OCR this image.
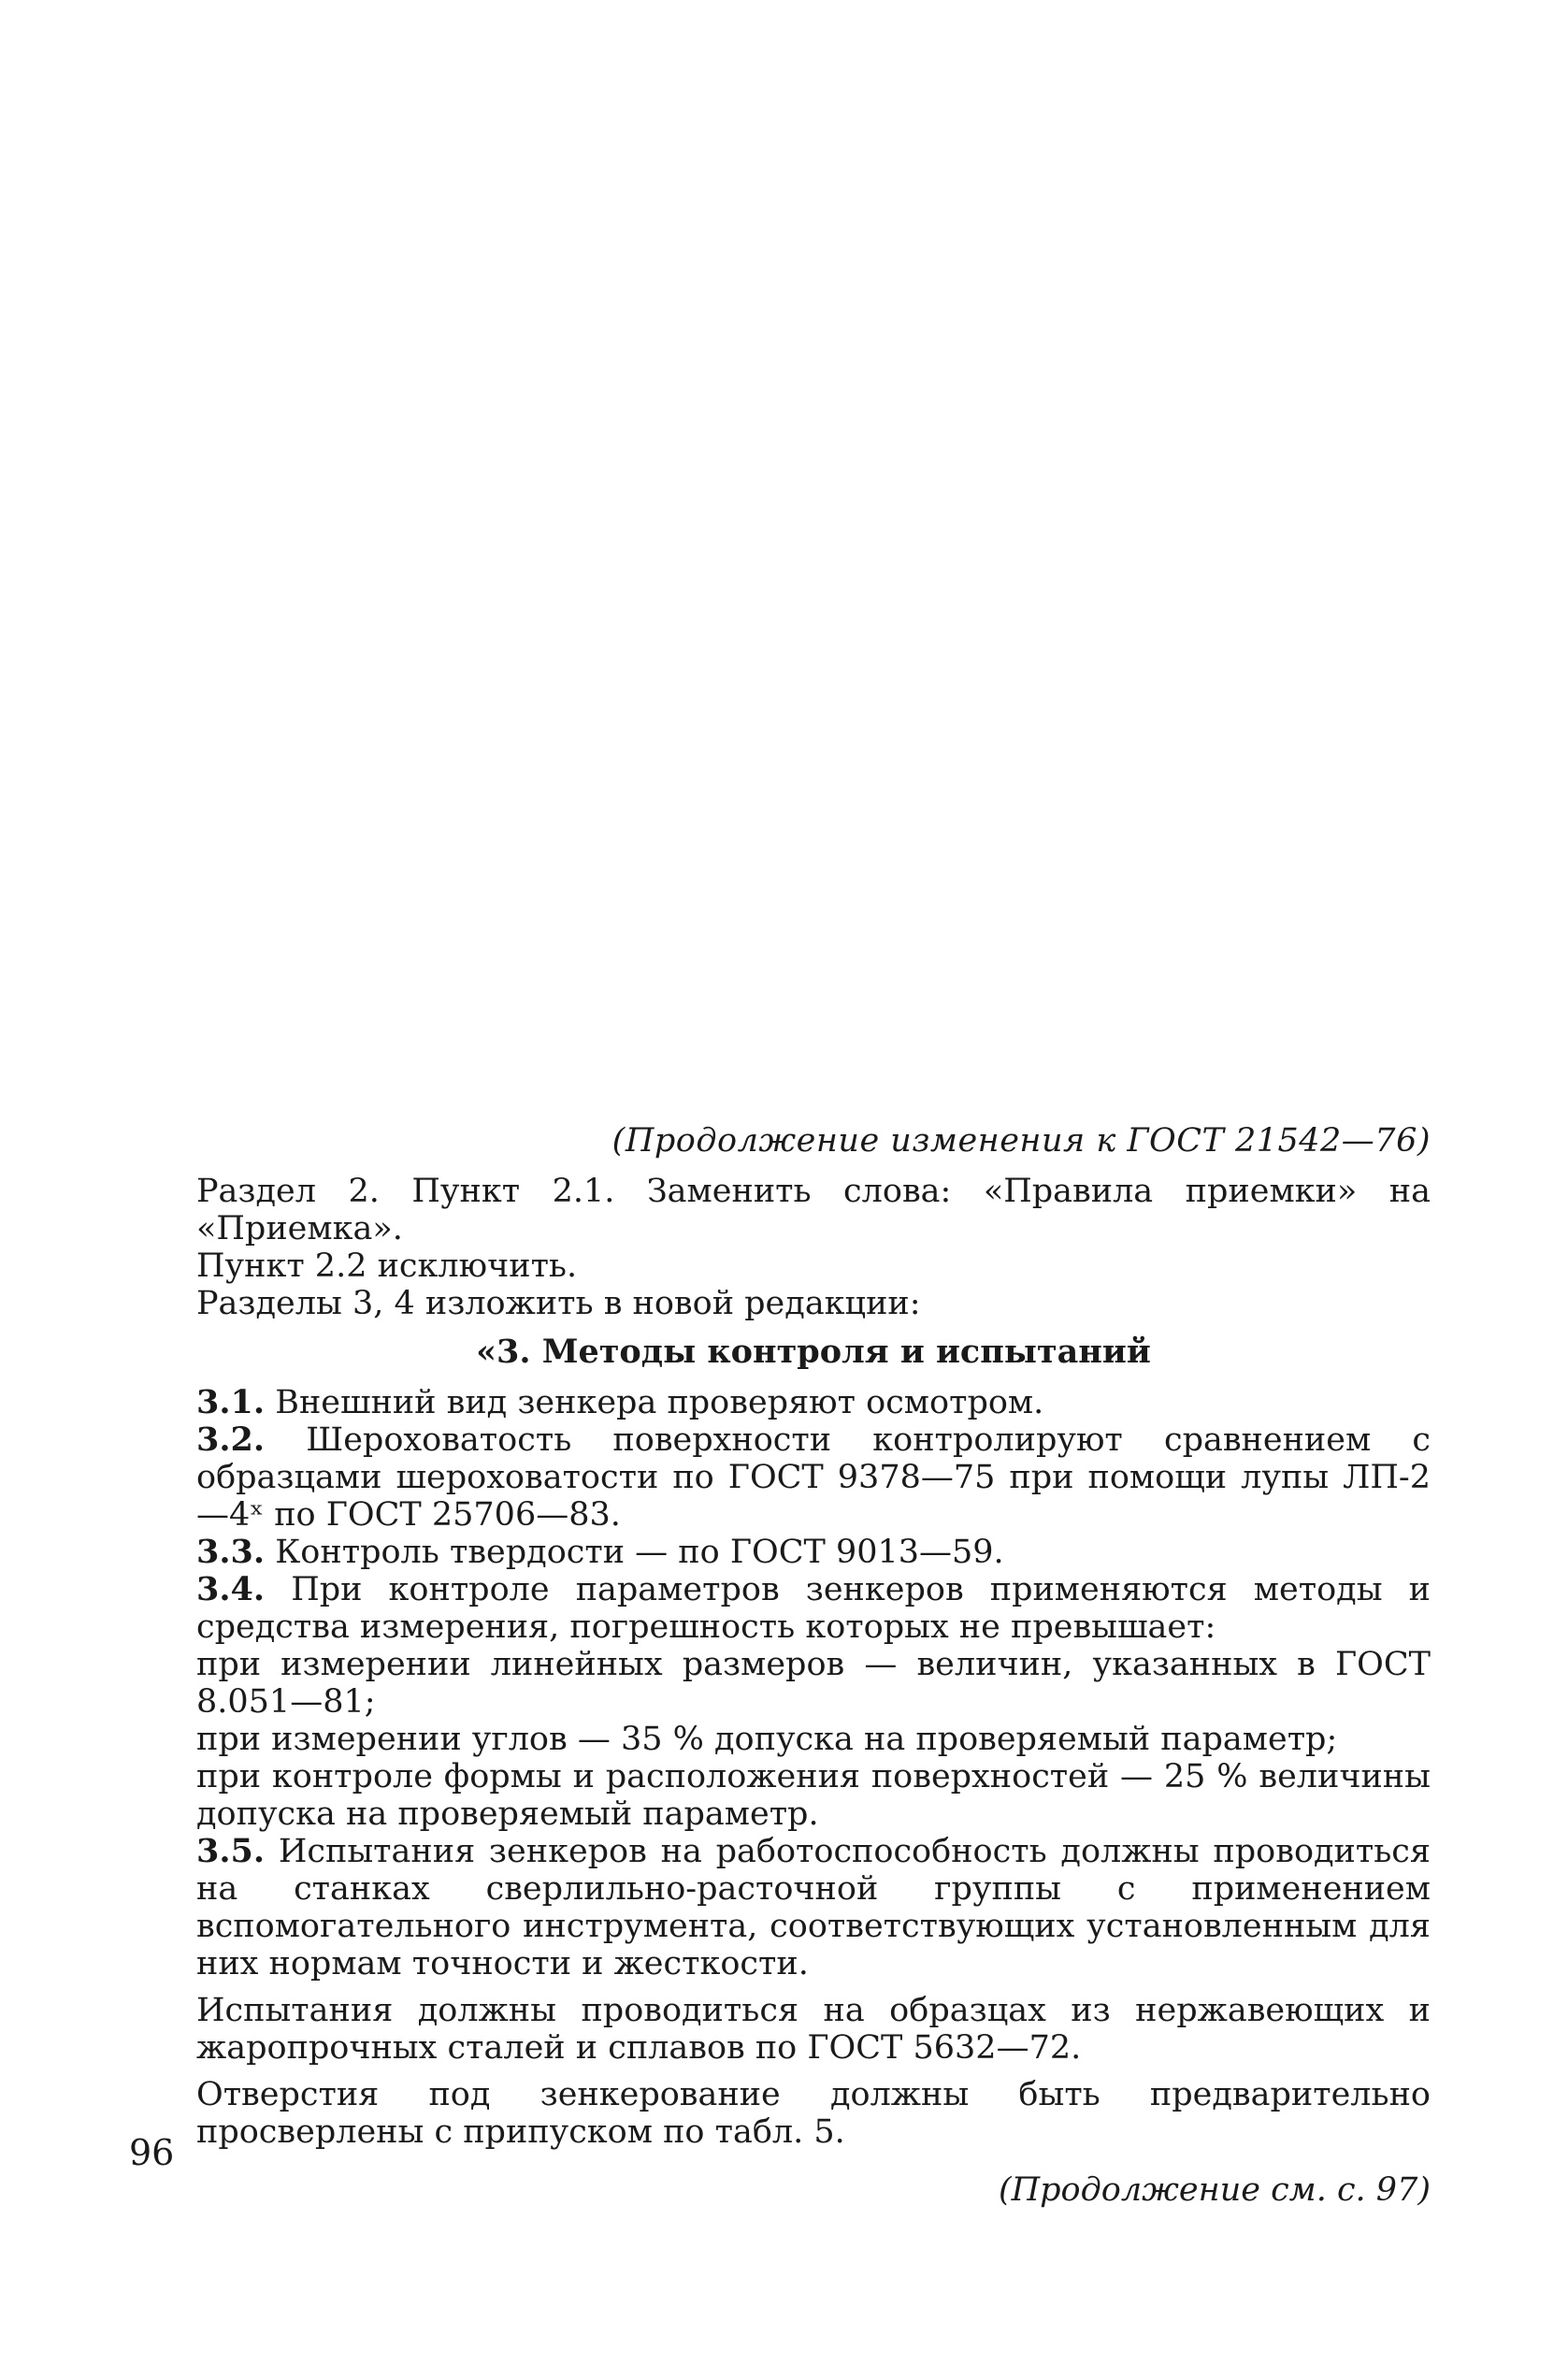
(Продолжение изменения к ГОСТ 21542—76)

Раздел 2. Пункт 2.1. Заменить слова: «Правила приемки» на «Приемка».

Пункт 2.2 исключить.

Разделы 3, 4 изложить в новой редакции:

«3. Методы контроля и испытаний

3.1. Внешний вид зенкера проверяют осмотром.

3.2. Шероховатость поверхности контролируют сравнением с образцами шероховатости по ГОСТ 9378—75 при помощи лупы ЛП-2—4ˣ по ГОСТ 25706—83.

3.3. Контроль твердости — по ГОСТ 9013—59.

3.4. При контроле параметров зенкеров применяются методы и средства измерения, погрешность которых не превышает:

при измерении линейных размеров — величин, указанных в ГОСТ 8.051—81;

при измерении углов — 35 % допуска на проверяемый параметр;

при контроле формы и расположения поверхностей — 25 % величины допуска на проверяемый параметр.

3.5. Испытания зенкеров на работоспособность должны проводиться на станках сверлильно-расточной группы с применением вспомогательного инструмента, соответствующих установленным для них нормам точности и жесткости.

Испытания должны проводиться на образцах из нержавеющих и жаропрочных сталей и сплавов по ГОСТ 5632—72.

Отверстия под зенкерование должны быть предварительно просверлены с припуском по табл. 5.

(Продолжение см. с. 97)
96
